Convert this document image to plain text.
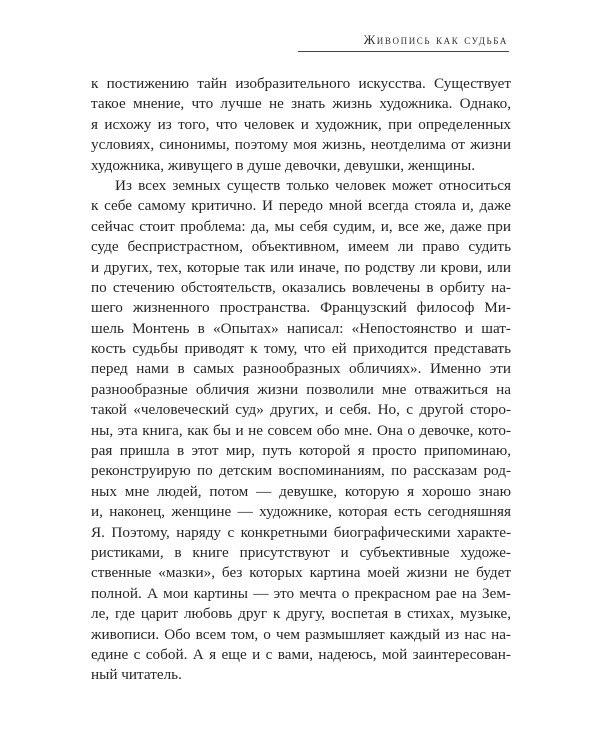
Живопись как судьба
к постижению тайн изобразительного искусства. Существует
такое мнение, что лучше не знать жизнь художника. Однако,
я исхожу из того, что человек и художник, при определенных
условиях, синонимы, поэтому моя жизнь, неотделима от жизни
художника, живущего в душе девочки, девушки, женщины.
Из всех земных существ только человек может относиться
к себе самому критично. И передо мной всегда стояла и, даже
сейчас стоит проблема: да, мы себя судим, и, все же, даже при
суде беспристрастном, объективном, имеем ли право судить
и других, тех, которые так или иначе, по родству ли крови, или
по стечению обстоятельств, оказались вовлечены в орбиту на-
шего жизненного пространства. Французский философ Ми-
шель Монтень в «Опытах» написал: «Непостоянство и шат-
кость судьбы приводят к тому, что ей приходится представать
перед нами в самых разнообразных обличиях». Именно эти
разнообразные обличия жизни позволили мне отважиться на
такой «человеческий суд» других, и себя. Но, с другой сторо-
ны, эта книга, как бы и не совсем обо мне. Она о девочке, кото-
рая пришла в этот мир, путь которой я просто припоминаю,
реконструирую по детским воспоминаниям, по рассказам род-
ных мне людей, потом — девушке, которую я хорошо знаю
и, наконец, женщине — художнике, которая есть сегодняшняя
Я. Поэтому, наряду с конкретными биографическими характе-
ристиками, в книге присутствуют и субъективные художе-
ственные «мазки», без которых картина моей жизни не будет
полной. А мои картины — это мечта о прекрасном рае на Зем-
ле, где царит любовь друг к другу, воспетая в стихах, музыке,
живописи. Обо всем том, о чем размышляет каждый из нас на-
едине с собой. А я еще и с вами, надеюсь, мой заинтересован-
ный читатель.
